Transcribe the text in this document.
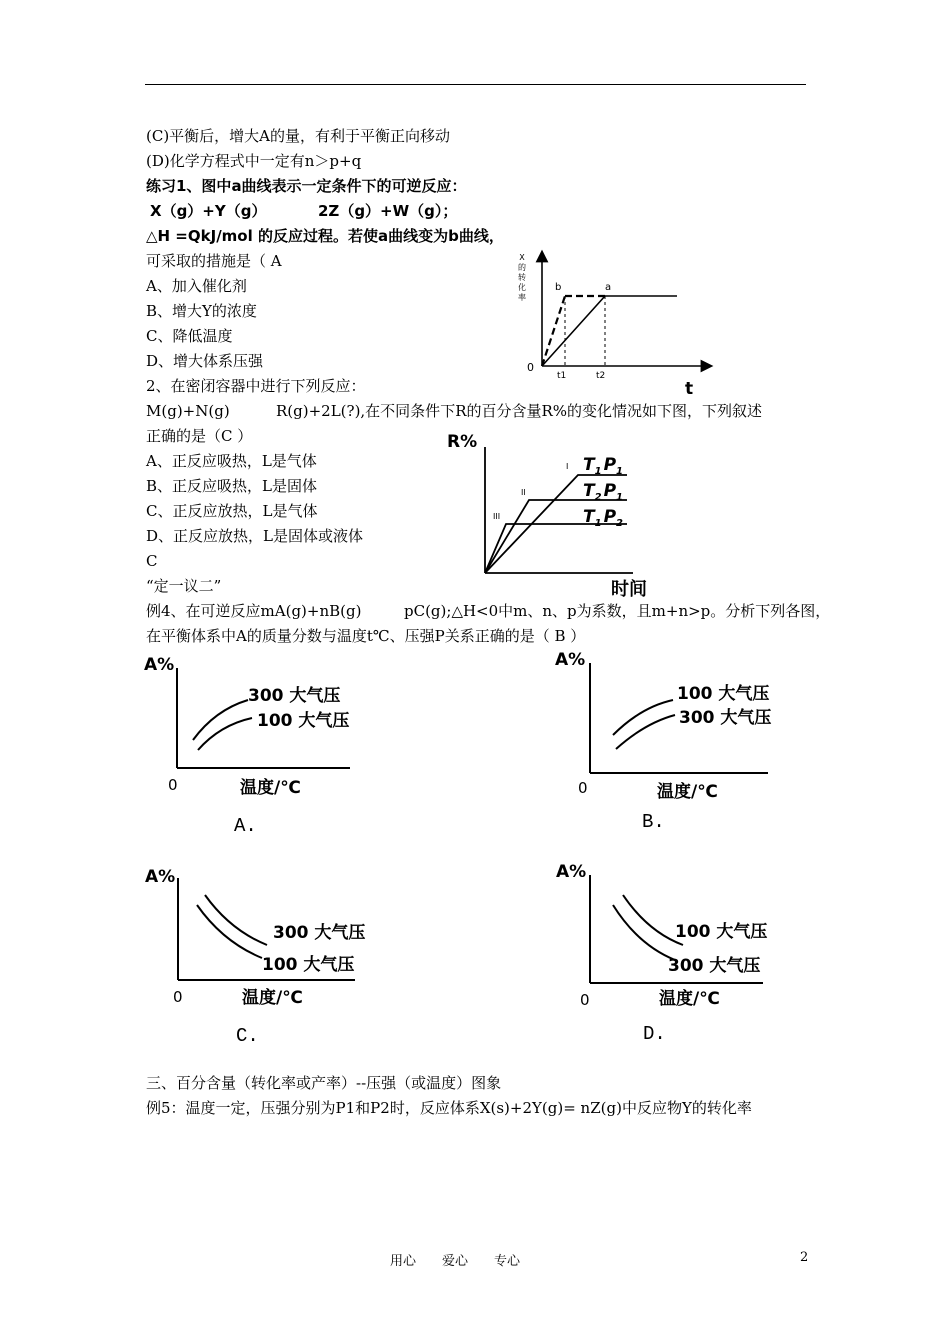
(C)平衡后，增大A的量，有利于平衡正向移动
(D)化学方程式中一定有n＞p+q
练习1、图中a曲线表示一定条件下的可逆反应：
X（g）+Y（g）	2Z（g）+W（g）；
△H =QkJ/mol 的反应过程。若使a曲线变为b曲线，
可采取的措施是（ A
A、加入催化剂
B、增大Y的浓度
C、降低温度
D、增大体系压强
2、在密闭容器中进行下列反应：
M(g)+N(g)	R(g)+2L(?),在不同条件下R的百分含量R%的变化情况如下图，下列叙述
正确的是（C ）
A、正反应吸热，L是气体
B、正反应吸热，L是固体
C、正反应放热，L是气体
D、正反应放热，L是固体或液体
C
“定一议二”
例4、在可逆反应mA(g)+nB(g)	pC(g);△H<0中m、n、p为系数，且m+n>p。分析下列各图，
在平衡体系中A的质量分数与温度t℃、压强P关系正确的是（ B ）
三、百分含量（转化率或产率）--压强（或温度）图象
例5：温度一定，压强分别为P1和P2时，反应体系X(s)+2Y(g)= nZ(g)中反应物Y的转化率
X
的
转
化
率
0
t
b	a
t1	t2
R%
时间
I
II
III
$T_1$ $P_1$
$T_2$ $P_1$
$T_1$ $P_2$
A%
0	温度/℃
300 大气压
100 大气压
A.
A%
0	温度/℃
100 大气压
300 大气压
B.
A%
0	温度/℃
300 大气压
100 大气压
C.
A%
0	温度/℃
100 大气压
300 大气压
D.
用心 爱心 专心	2
